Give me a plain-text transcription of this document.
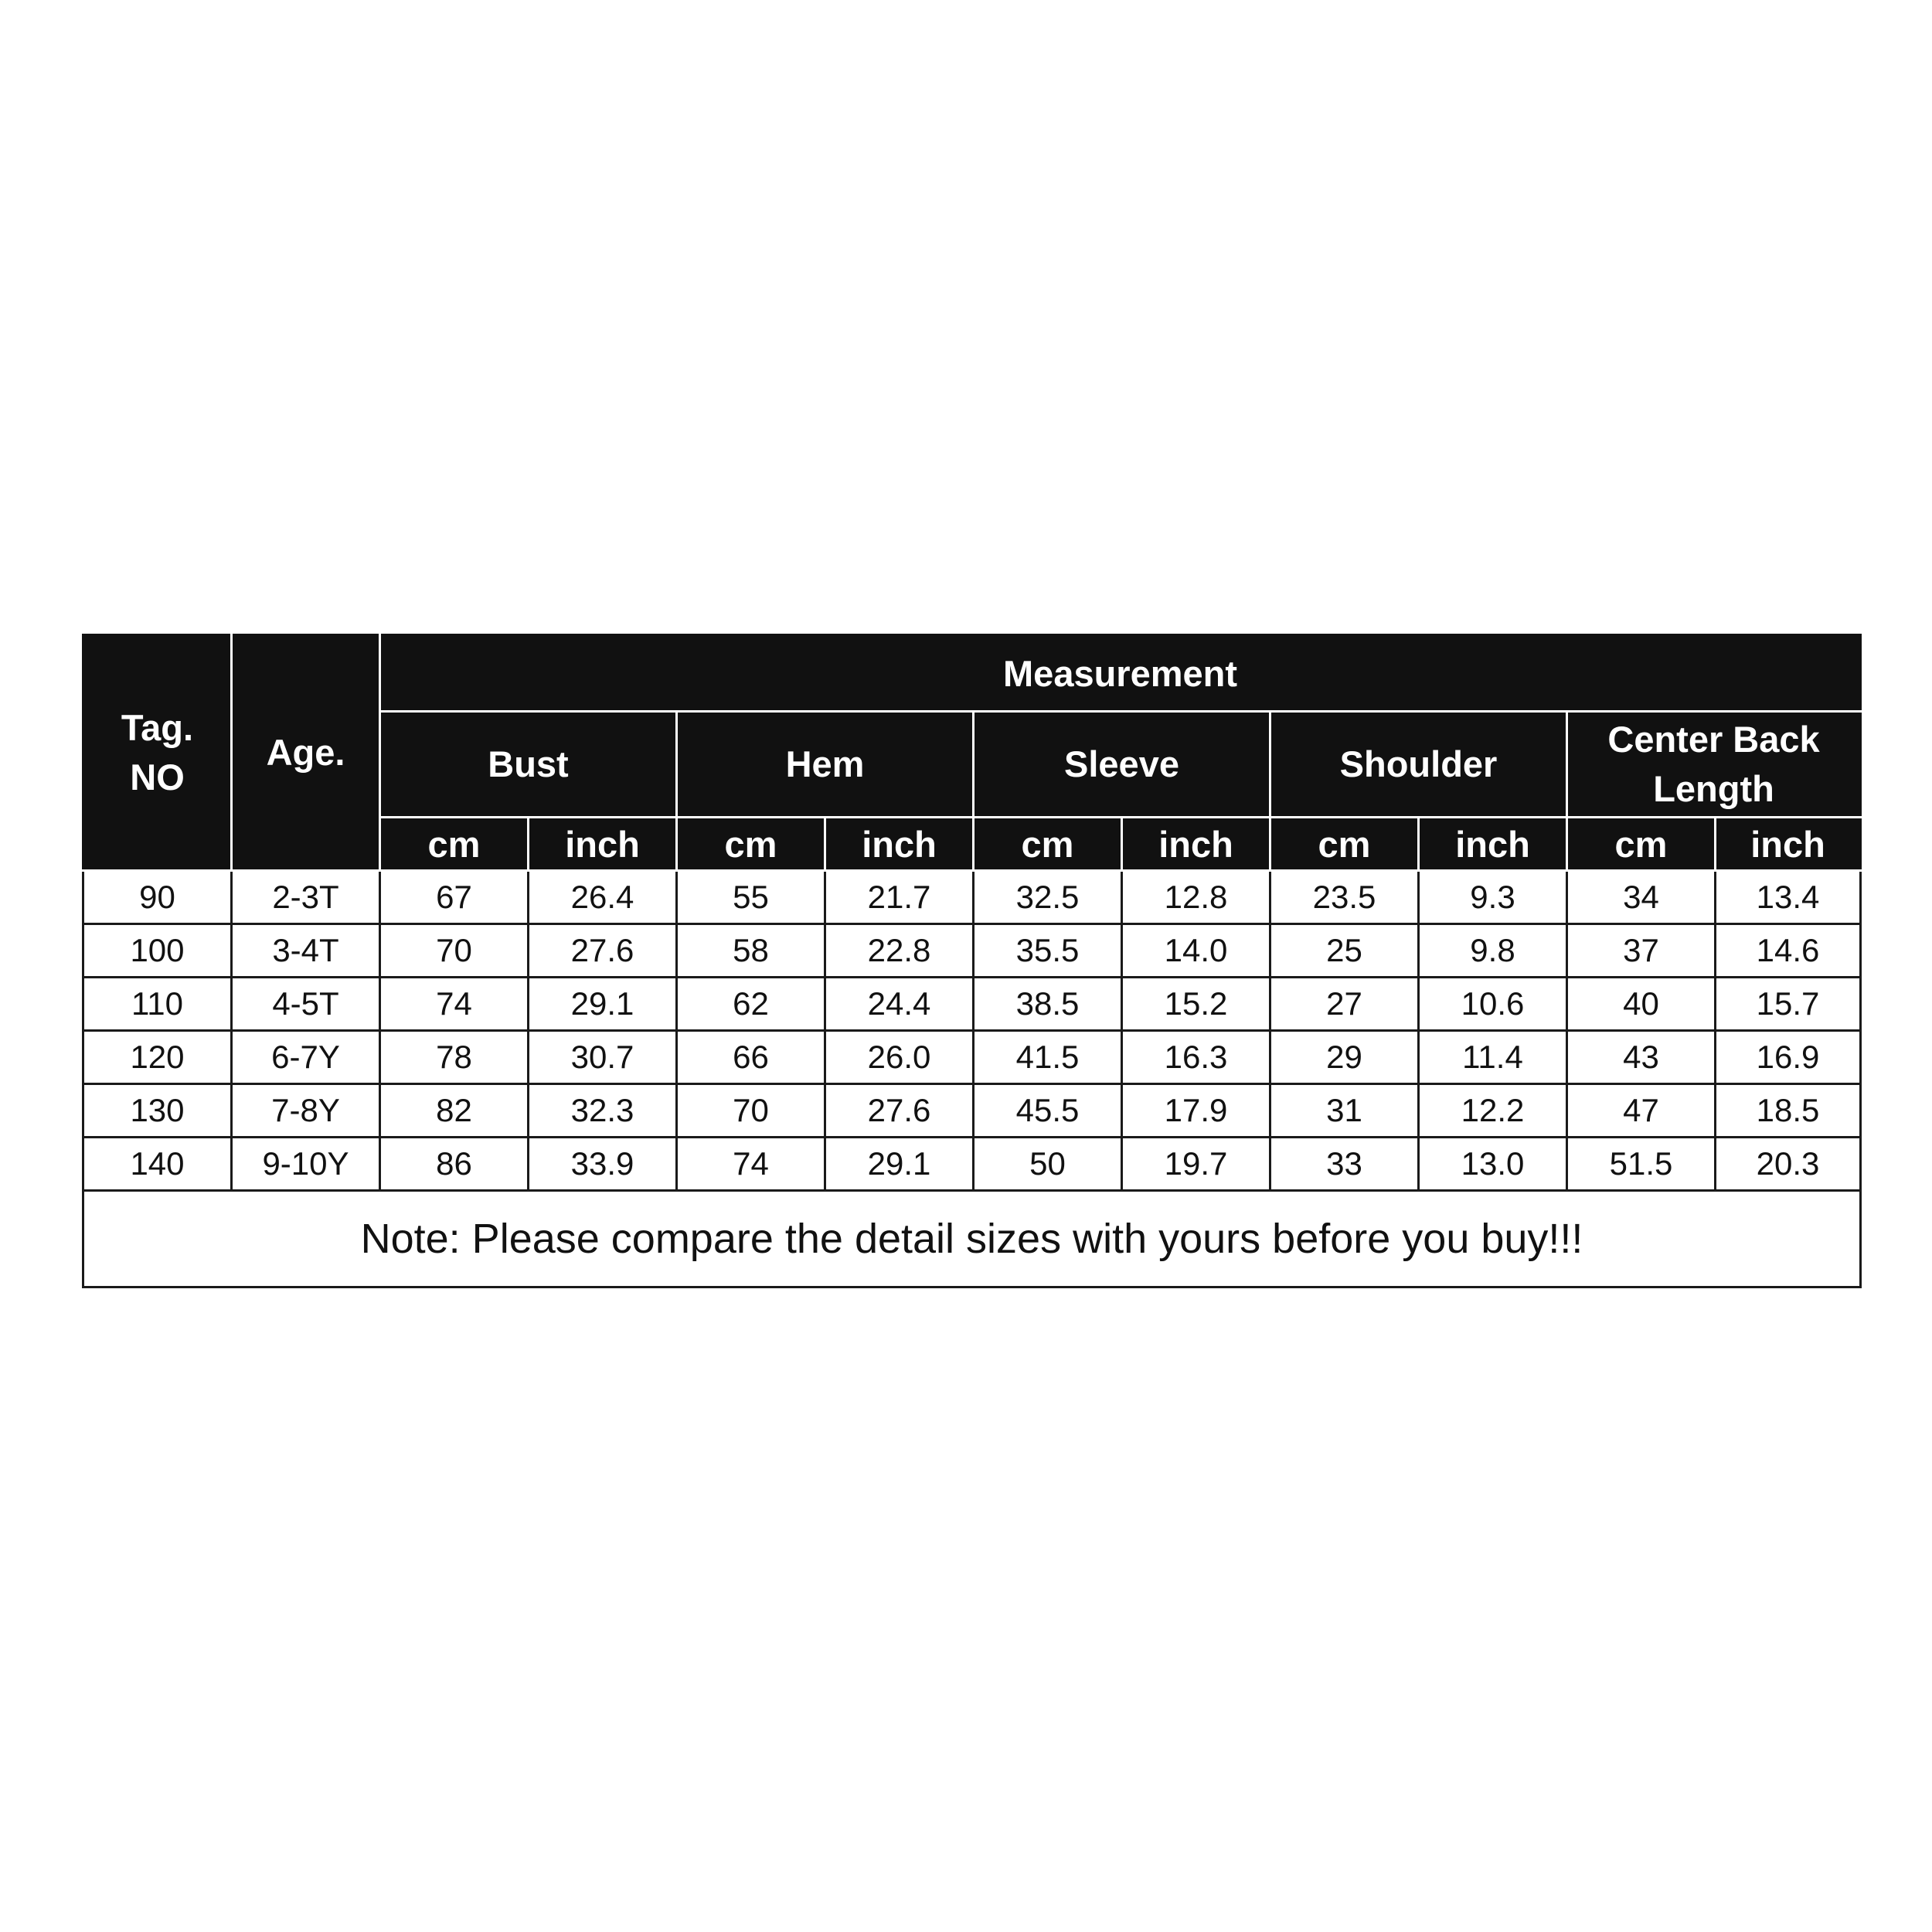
Tag.
NO	Age.	Measurement									
		Bust		Hem		Sleeve		Shoulder		Center Back
Length	
		cm	inch	cm	inch	cm	inch	cm	inch	cm	inch
90	2-3T	67	26.4	55	21.7	32.5	12.8	23.5	9.3	34	13.4
100	3-4T	70	27.6	58	22.8	35.5	14.0	25	9.8	37	14.6
110	4-5T	74	29.1	62	24.4	38.5	15.2	27	10.6	40	15.7
120	6-7Y	78	30.7	66	26.0	41.5	16.3	29	11.4	43	16.9
130	7-8Y	82	32.3	70	27.6	45.5	17.9	31	12.2	47	18.5
140	9-10Y	86	33.9	74	29.1	50	19.7	33	13.0	51.5	20.3
Note: Please compare the detail sizes with yours before you buy!!!											
